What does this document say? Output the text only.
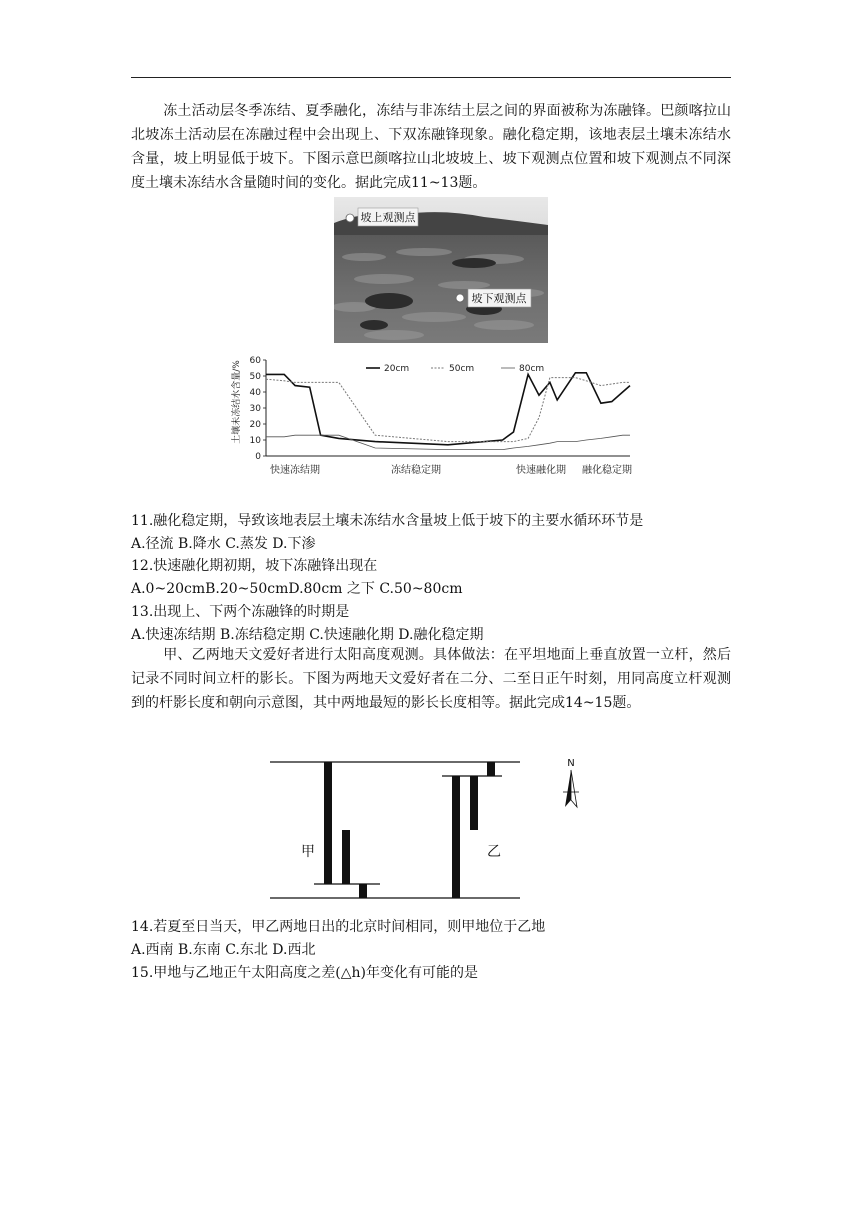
冻土活动层冬季冻结、夏季融化，冻结与非冻结土层之间的界面被称为冻融锋。巴颜喀拉山北坡冻土活动层在冻融过程中会出现上、下双冻融锋现象。融化稳定期，该地表层土壤未冻结水含量，坡上明显低于坡下。下图示意巴颜喀拉山北坡坡上、坡下观测点位置和坡下观测点不同深度土壤未冻结水含量随时间的变化。据此完成11~13题。

坡上观测点
坡下观测点
20cm	50cm	80cm
土壤未冻结水含量/%
0
10
20
30
40
50
60
快速冻结期	冻结稳定期	快速融化期 融化稳定期

11.融化稳定期，导致该地表层土壤未冻结水含量坡上低于坡下的主要水循环环节是

A.径流 B.降水 C.蒸发 D.下渗

12.快速融化期初期，坡下冻融锋出现在

A.0~20cmB.20~50cmD.80cm 之下 C.50~80cm

13.出现上、下两个冻融锋的时期是

A.快速冻结期 B.冻结稳定期 C.快速融化期 D.融化稳定期

甲、乙两地天文爱好者进行太阳高度观测。具体做法：在平坦地面上垂直放置一立杆，然后记录不同时间立杆的影长。下图为两地天文爱好者在二分、二至日正午时刻，用同高度立杆观测到的杆影长度和朝向示意图，其中两地最短的影长长度相等。据此完成14~15题。

甲	乙
N

14.若夏至日当天，甲乙两地日出的北京时间相同，则甲地位于乙地

A.西南 B.东南 C.东北 D.西北

15.甲地与乙地正午太阳高度之差(△h)年变化有可能的是
